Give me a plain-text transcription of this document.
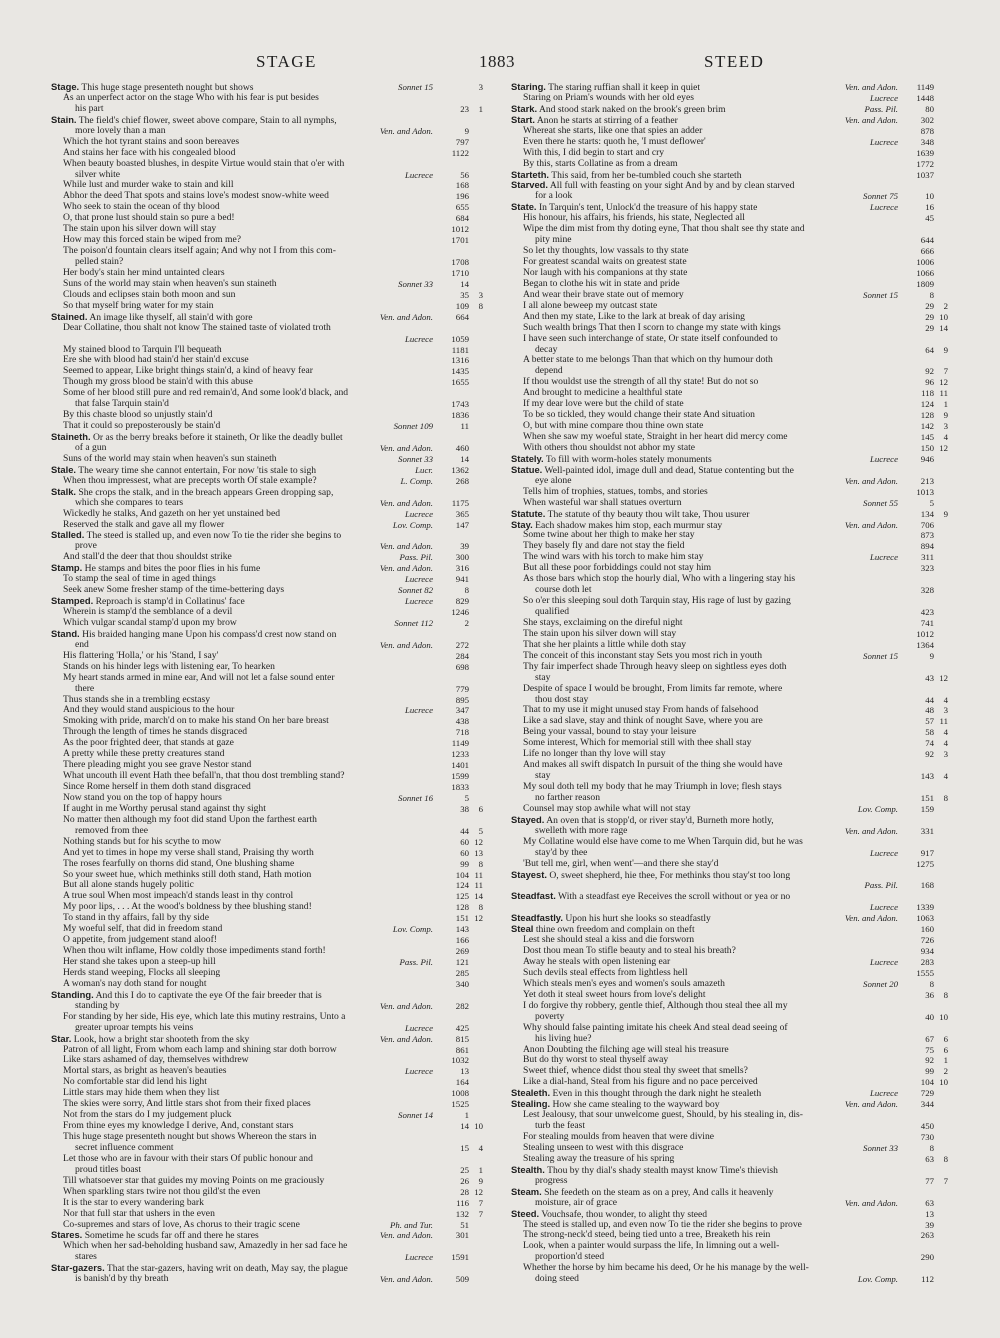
STAGE	1883	STEED
Stage. This huge stage presenteth nought but shows	Sonnet 15	3
As an unperfect actor on the stage Who with his fear is put besides
his part	23 1
Stain. The field's chief flower, sweet above compare, Stain to all nymphs,
more lovely than a man	Ven. and Adon.	9
Which the hot tyrant stains and soon bereaves	797
And stains her face with his congealed blood	1122
When beauty boasted blushes, in despite Virtue would stain that o'er with
silver white	Lucrece	56
While lust and murder wake to stain and kill	168
Abhor the deed That spots and stains love's modest snow-white weed	196
Who seek to stain the ocean of thy blood	655
O, that prone lust should stain so pure a bed!	684
The stain upon his silver down will stay	1012
How may this forced stain be wiped from me?	1701
The poison'd fountain clears itself again; And why not I from this com-
pelled stain?	1708
Her body's stain her mind untainted clears	1710
Suns of the world may stain when heaven's sun staineth	Sonnet 33	14
Clouds and eclipses stain both moon and sun	35 3
So that myself bring water for my stain	109 8
Stained. An image like thyself, all stain'd with gore	Ven. and Adon.	664
Dear Collatine, thou shalt not know The stained taste of violated troth
Lucrece 1059
My stained blood to Tarquin I'll bequeath	1181
Ere she with blood had stain'd her stain'd excuse	1316
Seemed to appear, Like bright things stain'd, a kind of heavy fear	1435
Though my gross blood be stain'd with this abuse	1655
Some of her blood still pure and red remain'd, And some look'd black, and
that false Tarquin stain'd	1743
By this chaste blood so unjustly stain'd	1836
That it could so preposterously be stain'd	Sonnet 109	11
Staineth. Or as the berry breaks before it staineth, Or like the deadly bullet
of a gun	Ven. and Adon.	460
Suns of the world may stain when heaven's sun staineth	Sonnet 33	14
Stale. The weary time she cannot entertain, For now 'tis stale to sigh	Lucr. 1362
When thou impressest, what are precepts worth Of stale example?	L. Comp.	268
Stalk. She crops the stalk, and in the breach appears Green dropping sap,
which she compares to tears	Ven. and Adon. 1175
Wickedly he stalks, And gazeth on her yet unstained bed	Lucrece	365
Reserved the stalk and gave all my flower	Lov. Comp.	147
Stalled. The steed is stalled up, and even now To tie the rider she begins to
prove	Ven. and Adon.	39
And stall'd the deer that thou shouldst strike	Pass. Pil.	300
Stamp. He stamps and bites the poor flies in his fume	Ven. and Adon.	316
To stamp the seal of time in aged things	Lucrece	941
Seek anew Some fresher stamp of the time-bettering days	Sonnet 82	8
Stamped. Reproach is stamp'd in Collatinus' face	Lucrece	829
Wherein is stamp'd the semblance of a devil	1246
Which vulgar scandal stamp'd upon my brow	Sonnet 112	2
Stand. His braided hanging mane Upon his compass'd crest now stand on
end	Ven. and Adon.	272
His flattering 'Holla,' or his 'Stand, I say'	284
Stands on his hinder legs with listening ear, To hearken	698
My heart stands armed in mine ear, And will not let a false sound enter
there	779
Thus stands she in a trembling ecstasy	895
And they would stand auspicious to the hour	Lucrece	347
Smoking with pride, march'd on to make his stand On her bare breast	438
Through the length of times he stands disgraced	718
As the poor frighted deer, that stands at gaze	1149
A pretty while these pretty creatures stand	1233
There pleading might you see grave Nestor stand	1401
What uncouth ill event Hath thee befall'n, that thou dost trembling stand?	1599
Since Rome herself in them doth stand disgraced	1833
Now stand you on the top of happy hours	Sonnet 16	5
If aught in me Worthy perusal stand against thy sight	38 6
No matter then although my foot did stand Upon the farthest earth
removed from thee	44 5
Nothing stands but for his scythe to mow	60 12
And yet to times in hope my verse shall stand, Praising thy worth	60 13
The roses fearfully on thorns did stand, One blushing shame	99 8
So your sweet hue, which methinks still doth stand, Hath motion	104 11
But all alone stands hugely politic	124 11
A true soul When most impeach'd stands least in thy control	125 14
My poor lips, . . . At the wood's boldness by thee blushing stand!	128 8
To stand in thy affairs, fall by thy side	151 12
My woeful self, that did in freedom stand	Lov. Comp.	143
O appetite, from judgement stand aloof!	166
When thou wilt inflame, How coldly those impediments stand forth!	269
Her stand she takes upon a steep-up hill	Pass. Pil.	121
Herds stand weeping, Flocks all sleeping	285
A woman's nay doth stand for nought	340
Standing. And this I do to captivate the eye Of the fair breeder that is
standing by	Ven. and Adon.	282
For standing by her side, His eye, which late this mutiny restrains, Unto a
greater uproar tempts his veins	Lucrece	425
Star. Look, how a bright star shooteth from the sky	Ven. and Adon.	815
Patron of all light, From whom each lamp and shining star doth borrow	861
Like stars ashamed of day, themselves withdrew	1032
Mortal stars, as bright as heaven's beauties	Lucrece	13
No comfortable star did lend his light	164
Little stars may hide them when they list	1008
The skies were sorry, And little stars shot from their fixed places	1525
Not from the stars do I my judgement pluck	Sonnet 14	1
From thine eyes my knowledge I derive, And, constant stars	14 10
This huge stage presenteth nought but shows Whereon the stars in
secret influence comment	15 4
Let those who are in favour with their stars Of public honour and
proud titles boast	25 1
Till whatsoever star that guides my moving Points on me graciously	26 9
When sparkling stars twire not thou gild'st the even	28 12
It is the star to every wandering bark	116 7
Nor that full star that ushers in the even	132 7
Co-supremes and stars of love, As chorus to their tragic scene	Ph. and Tur.	51
Stares. Sometime he scuds far off and there he stares	Ven. and Adon.	301
Which when her sad-beholding husband saw, Amazedly in her sad face he
stares	Lucrece 1591
Star-gazers. That the star-gazers, having writ on death, May say, the plague
is banish'd by thy breath	Ven. and Adon.	509
Staring. The staring ruffian shall it keep in quiet	Ven. and Adon. 1149
Staring on Priam's wounds with her old eyes	Lucrece 1448
Stark. And stood stark naked on the brook's green brim	Pass. Pil.	80
Start. Anon he starts at stirring of a feather	Ven. and Adon.	302
Whereat she starts, like one that spies an adder	878
Even there he starts: quoth he, 'I must deflower'	Lucrece	348
With this, I did begin to start and cry	1639
By this, starts Collatine as from a dream	1772
Starteth. This said, from her be-tumbled couch she starteth	1037
Starved. All full with feasting on your sight And by and by clean starved
for a look	Sonnet 75	10
State. In Tarquin's tent, Unlock'd the treasure of his happy state	Lucrece	16
His honour, his affairs, his friends, his state, Neglected all	45
Wipe the dim mist from thy doting eyne, That thou shalt see thy state and
pity mine	644
So let thy thoughts, low vassals to thy state	666
For greatest scandal waits on greatest state	1006
Nor laugh with his companions at thy state	1066
Began to clothe his wit in state and pride	1809
And wear their brave state out of memory	Sonnet 15	8
I all alone beweep my outcast state	29 2
And then my state, Like to the lark at break of day arising	29 10
Such wealth brings That then I scorn to change my state with kings	29 14
I have seen such interchange of state, Or state itself confounded to
decay	64 9
A better state to me belongs Than that which on thy humour doth
depend	92 7
If thou wouldst use the strength of all thy state! But do not so	96 12
And brought to medicine a healthful state	118 11
If my dear love were but the child of state	124 1
To be so tickled, they would change their state And situation	128 9
O, but with mine compare thou thine own state	142 3
When she saw my woeful state, Straight in her heart did mercy come	145 4
With others thou shouldst not abhor my state	150 12
Stately. To fill with worm-holes stately monuments	Lucrece	946
Statue. Well-painted idol, image dull and dead, Statue contenting but the
eye alone	Ven. and Adon.	213
Tells him of trophies, statues, tombs, and stories	1013
When wasteful war shall statues overturn	Sonnet 55	5
Statute. The statute of thy beauty thou wilt take, Thou usurer	134 9
Stay. Each shadow makes him stop, each murmur stay	Ven. and Adon.	706
Some twine about her thigh to make her stay	873
They basely fly and dare not stay the field	894
The wind wars with his torch to make him stay	Lucrece	311
But all these poor forbiddings could not stay him	323
As those bars which stop the hourly dial, Who with a lingering stay his
course doth let	328
So o'er this sleeping soul doth Tarquin stay, His rage of lust by gazing
qualified	423
She stays, exclaiming on the direful night	741
The stain upon his silver down will stay	1012
That she her plaints a little while doth stay	1364
The conceit of this inconstant stay Sets you most rich in youth	Sonnet 15	9
Thy fair imperfect shade Through heavy sleep on sightless eyes doth
stay	43 12
Despite of space I would be brought, From limits far remote, where
thou dost stay	44 4
That to my use it might unused stay From hands of falsehood	48 3
Like a sad slave, stay and think of nought Save, where you are	57 11
Being your vassal, bound to stay your leisure	58 4
Some interest, Which for memorial still with thee shall stay	74 4
Life no longer than thy love will stay	92 3
And makes all swift dispatch In pursuit of the thing she would have
stay	143 4
My soul doth tell my body that he may Triumph in love; flesh stays
no farther reason	151 8
Counsel may stop awhile what will not stay	Lov. Comp.	159
Stayed. An oven that is stopp'd, or river stay'd, Burneth more hotly,
swelleth with more rage	Ven. and Adon.	331
My Collatine would else have come to me When Tarquin did, but he was
stay'd by thee	Lucrece	917
'But tell me, girl, when went'—and there she stay'd	1275
Stayest. O, sweet shepherd, hie thee, For methinks thou stay'st too long
Pass. Pil.	168
Steadfast. With a steadfast eye Receives the scroll without or yea or no
Lucrece 1339
Steadfastly. Upon his hurt she looks so steadfastly	Ven. and Adon. 1063
Steal thine own freedom and complain on theft	160
Lest she should steal a kiss and die forsworn	726
Dost thou mean To stifle beauty and to steal his breath?	934
Away he steals with open listening ear	Lucrece	283
Such devils steal effects from lightless hell	1555
Which steals men's eyes and women's souls amazeth	Sonnet 20	8
Yet doth it steal sweet hours from love's delight	36 8
I do forgive thy robbery, gentle thief, Although thou steal thee all my
poverty	40 10
Why should false painting imitate his cheek And steal dead seeing of
his living hue?	67 6
Anon Doubting the filching age will steal his treasure	75 6
But do thy worst to steal thyself away	92 1
Sweet thief, whence didst thou steal thy sweet that smells?	99 2
Like a dial-hand, Steal from his figure and no pace perceived	104 10
Stealeth. Even in this thought through the dark night he stealeth	Lucrece	729
Stealing. How she came stealing to the wayward boy	Ven. and Adon.	344
Lest Jealousy, that sour unwelcome guest, Should, by his stealing in, dis-
turb the feast	450
For stealing moulds from heaven that were divine	730
Stealing unseen to west with this disgrace	Sonnet 33	8
Stealing away the treasure of his spring	63 8
Stealth. Thou by thy dial's shady stealth mayst know Time's thievish
progress	77 7
Steam. She feedeth on the steam as on a prey, And calls it heavenly
moisture, air of grace	Ven. and Adon.	63
Steed. Vouchsafe, thou wonder, to alight thy steed	13
The steed is stalled up, and even now To tie the rider she begins to prove	39
The strong-neck'd steed, being tied unto a tree, Breaketh his rein	263
Look, when a painter would surpass the life, In limning out a well-
proportion'd steed	290
Whether the horse by him became his deed, Or he his manage by the well-
doing steed	Lov. Comp.	112
